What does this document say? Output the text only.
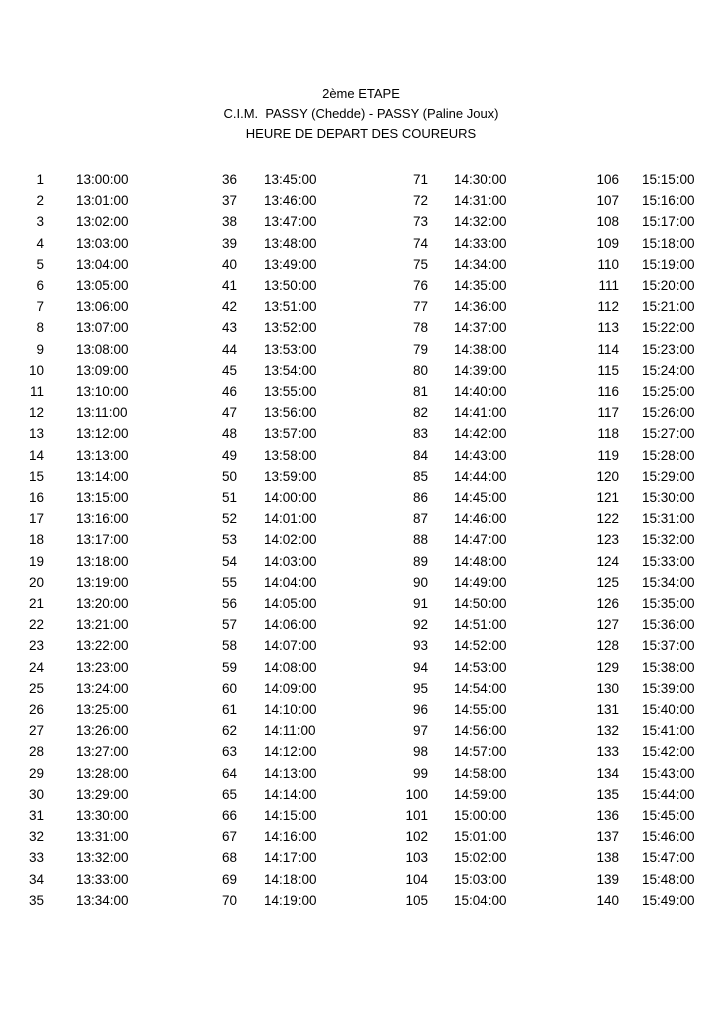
2ème ETAPE
C.I.M.  PASSY (Chedde) - PASSY (Paline Joux)
HEURE DE DEPART DES COUREURS
1 13:00:00
2 13:01:00
3 13:02:00
4 13:03:00
5 13:04:00
6 13:05:00
7 13:06:00
8 13:07:00
9 13:08:00
10 13:09:00
11 13:10:00
12 13:11:00
13 13:12:00
14 13:13:00
15 13:14:00
16 13:15:00
17 13:16:00
18 13:17:00
19 13:18:00
20 13:19:00
21 13:20:00
22 13:21:00
23 13:22:00
24 13:23:00
25 13:24:00
26 13:25:00
27 13:26:00
28 13:27:00
29 13:28:00
30 13:29:00
31 13:30:00
32 13:31:00
33 13:32:00
34 13:33:00
35 13:34:00
36 13:45:00
37 13:46:00
38 13:47:00
39 13:48:00
40 13:49:00
41 13:50:00
42 13:51:00
43 13:52:00
44 13:53:00
45 13:54:00
46 13:55:00
47 13:56:00
48 13:57:00
49 13:58:00
50 13:59:00
51 14:00:00
52 14:01:00
53 14:02:00
54 14:03:00
55 14:04:00
56 14:05:00
57 14:06:00
58 14:07:00
59 14:08:00
60 14:09:00
61 14:10:00
62 14:11:00
63 14:12:00
64 14:13:00
65 14:14:00
66 14:15:00
67 14:16:00
68 14:17:00
69 14:18:00
70 14:19:00
71 14:30:00
72 14:31:00
73 14:32:00
74 14:33:00
75 14:34:00
76 14:35:00
77 14:36:00
78 14:37:00
79 14:38:00
80 14:39:00
81 14:40:00
82 14:41:00
83 14:42:00
84 14:43:00
85 14:44:00
86 14:45:00
87 14:46:00
88 14:47:00
89 14:48:00
90 14:49:00
91 14:50:00
92 14:51:00
93 14:52:00
94 14:53:00
95 14:54:00
96 14:55:00
97 14:56:00
98 14:57:00
99 14:58:00
100 14:59:00
101 15:00:00
102 15:01:00
103 15:02:00
104 15:03:00
105 15:04:00
106 15:15:00
107 15:16:00
108 15:17:00
109 15:18:00
110 15:19:00
111 15:20:00
112 15:21:00
113 15:22:00
114 15:23:00
115 15:24:00
116 15:25:00
117 15:26:00
118 15:27:00
119 15:28:00
120 15:29:00
121 15:30:00
122 15:31:00
123 15:32:00
124 15:33:00
125 15:34:00
126 15:35:00
127 15:36:00
128 15:37:00
129 15:38:00
130 15:39:00
131 15:40:00
132 15:41:00
133 15:42:00
134 15:43:00
135 15:44:00
136 15:45:00
137 15:46:00
138 15:47:00
139 15:48:00
140 15:49:00
